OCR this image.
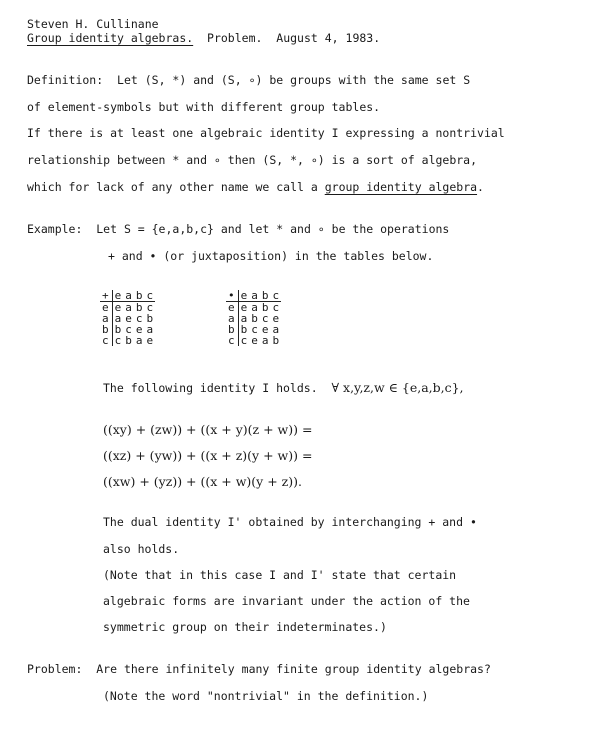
Steven H. Cullinane
Group identity algebras. Problem. August 4, 1983.
Definition: Let (S, *) and (S, ∘) be groups with the same set S
of element-symbols but with different group tables.
If there is at least one algebraic identity I expressing a nontrivial
relationship between * and ∘ then (S, *, ∘) is a sort of algebra,
which for lack of any other name we call a group identity algebra.
Example: Let S = {e,a,b,c} and let * and ∘ be the operations
+ and • (or juxtaposition) in the tables below.
+	e	a	b	c
e	e	a	b	c
a	a	e	c	b
b	b	c	e	a
c	c	b	a	e
•	e	a	b	c
e	e	a	b	c
a	a	b	c	e
b	b	c	e	a
c	c	e	a	b
The following identity I holds. ∀ x,y,z,w ∈ {e,a,b,c},
((xy) + (zw)) + ((x + y)(z + w)) =
((xz) + (yw)) + ((x + z)(y + w)) =
((xw) + (yz)) + ((x + w)(y + z)).
The dual identity I' obtained by interchanging + and •
also holds.
(Note that in this case I and I' state that certain
algebraic forms are invariant under the action of the
symmetric group on their indeterminates.)
Problem: Are there infinitely many finite group identity algebras?
(Note the word "nontrivial" in the definition.)
